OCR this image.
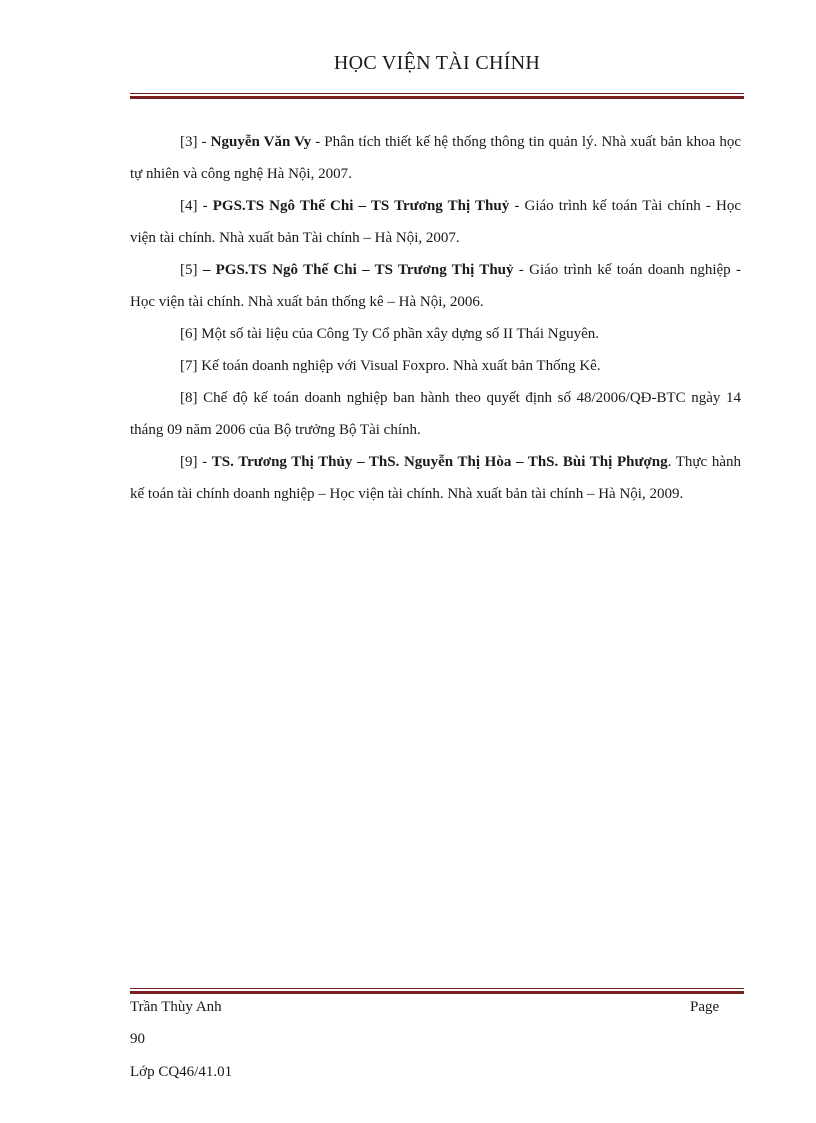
HỌC VIỆN TÀI CHÍNH
[3] - Nguyễn Văn Vy - Phân tích thiết kế hệ thống thông tin quản lý. Nhà xuất bản khoa học tự nhiên và công nghệ Hà Nội, 2007.
[4] - PGS.TS Ngô Thế Chi – TS Trương Thị Thuỷ - Giáo trình kế toán Tài chính - Học viện tài chính. Nhà xuất bản Tài chính – Hà Nội, 2007.
[5] – PGS.TS Ngô Thế Chi – TS Trương Thị Thuỷ - Giáo trình kế toán doanh nghiệp - Học viện tài chính. Nhà xuất bản thống kê – Hà Nội, 2006.
[6] Một số tài liệu của Công Ty Cổ phần xây dựng số II Thái Nguyên.
[7] Kế toán doanh nghiệp với Visual Foxpro. Nhà xuất bản Thống Kê.
[8] Chế độ kế toán doanh nghiệp ban hành theo quyết định số 48/2006/QĐ-BTC ngày 14 tháng 09 năm 2006 của Bộ trưởng Bộ Tài chính.
[9] - TS. Trương Thị Thủy – ThS. Nguyễn Thị Hòa – ThS. Bùi Thị Phượng. Thực hành kế toán tài chính doanh nghiệp – Học viện tài chính. Nhà xuất bản tài chính – Hà Nội, 2009.
Trần Thùy Anh	Page
90
Lớp CQ46/41.01
